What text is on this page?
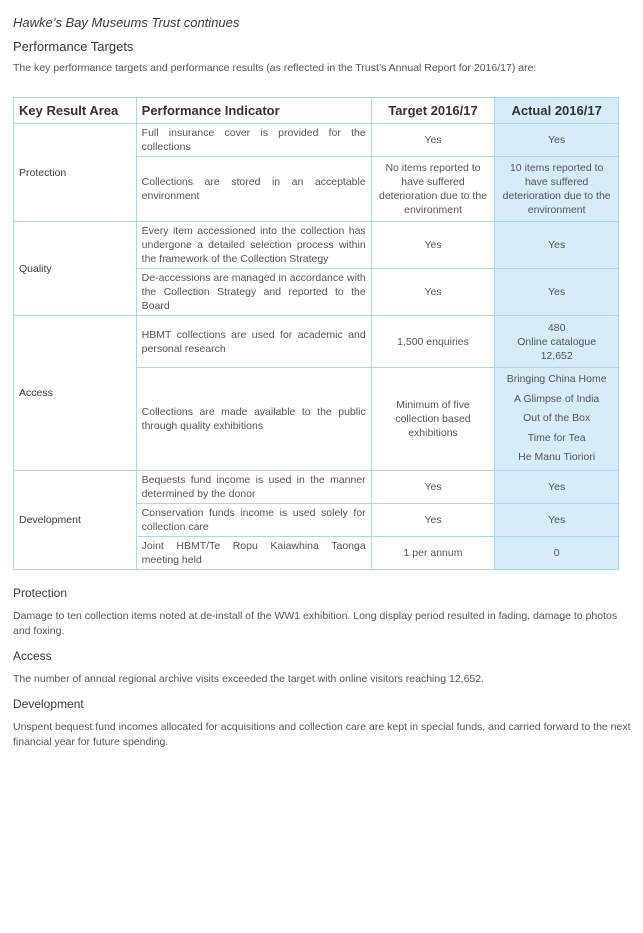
Hawke’s Bay Museums Trust continues
Performance Targets
The key performance targets and performance results (as reflected in the Trust’s Annual Report for 2016/17) are:
Key Result Area	Performance Indicator	Target 2016/17	Actual 2016/17
Protection	Full insurance cover is provided for the collections	Yes	Yes
	Collections are stored in an acceptable environment	No items reported to have suffered deterioration due to the environment	10 items reported to have suffered deterioration due to the environment
Quality	Every item accessioned into the collection has undergone a detailed selection process within the framework of the Collection Strategy	Yes	Yes
	De-accessions are managed in accordance with the Collection Strategy and reported to the Board	Yes	Yes
Access	HBMT collections are used for academic and personal research	1,500 enquiries	480
Online catalogue
12,652

	Collections are made available to the public through quality exhibitions	Minimum of five collection based exhibitions	Bringing China Home
A Glimpse of India
Out of the Box
Time for Tea
He Manu Tioriori

Development	Bequests fund income is used in the manner determined by the donor	Yes	Yes
	Conservation funds income is used solely for collection care	Yes	Yes
	Joint HBMT/Te Ropu Kaiawhina Taonga meeting held	1 per annum	0
Protection

Damage to ten collection items noted at de-install of the WW1 exhibition. Long display period resulted in fading, damage to photos and foxing.

Access

The number of annual regional archive visits exceeded the target with online visitors reaching 12,652.

Development

Unspent bequest fund incomes allocated for acquisitions and collection care are kept in special funds, and carried forward to the next financial year for future spending.
